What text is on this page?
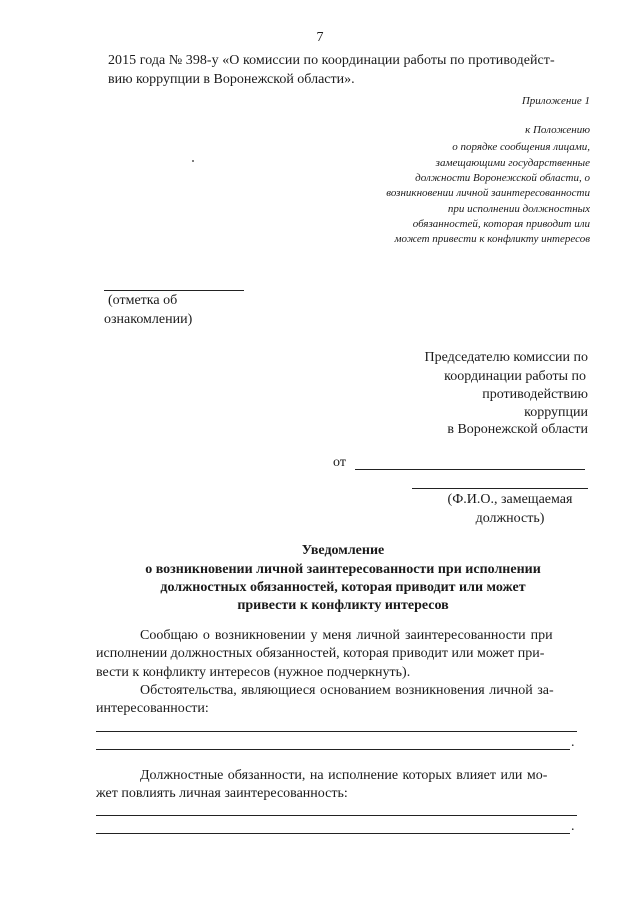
7
2015 года № 398-у «О комиссии по координации работы по противодейст-
вию коррупции в Воронежской области».
Приложение 1
к Положению
о порядке сообщения лицами,
замещающими государственные
должности Воронежской области, о
возникновении личной заинтересованности
при исполнении должностных
обязанностей, которая приводит или
может привести к конфликту интересов
(отметка об
ознакомлении)
Председателю комиссии по
координации работы по
противодействию
коррупции
в Воронежской области
от
(Ф.И.О., замещаемая
должность)
Уведомление
о возникновении личной заинтересованности при исполнении
должностных обязанностей, которая приводит или может
привести к конфликту интересов
Сообщаю о возникновении у меня личной заинтересованности при
исполнении должностных обязанностей, которая приводит или может при-
вести к конфликту интересов (нужное подчеркнуть).
Обстоятельства, являющиеся основанием возникновения личной за-
интересованности:
.
Должностные обязанности, на исполнение которых влияет или мо-
жет повлиять личная заинтересованность:
.
